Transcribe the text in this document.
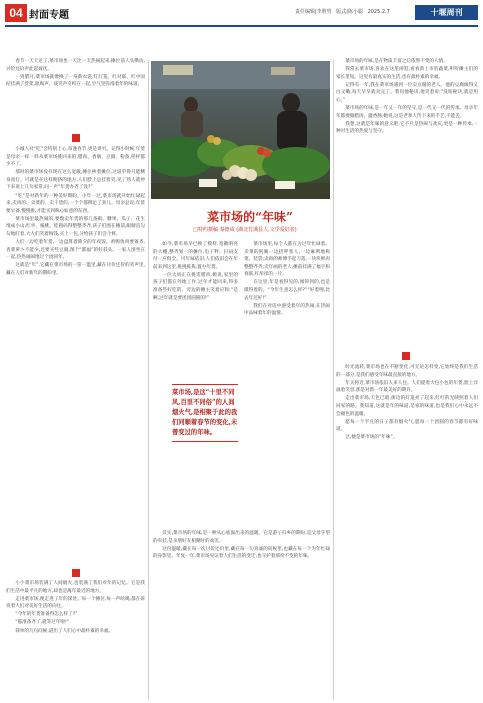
04 封面专题	责任编辑|李胜男 版式|陈小聪 2025.2.7	十堰周刊

春节一天天近了,菜市场也一天比一天热闹起来,摊位前人头攒动,讨价还价声此起彼伏。

一到腊月,菜市场就像换了一身新衣裳,红灯笼、红对联、红中国结挂满了货架,吆喝声、谈笑声交织在一起,空气里弥漫着年的味道。

小城人对“吃”会特别上心,每逢春节,更是讲究。记得小时候,年货是母亲一样一样从菜市场挑回来的,腊肉、香肠、豆腐、粉条,样样都少不了。

那时的菜市场没有现在这么宽敞,摊位挨着摊位,过道窄得只能侧身而行。可就是在这样拥挤的地方,人们脸上总挂着笑,见了熟人就停下来说上几句家常,问一声“年货办齐了没?”

“吃”是对新年的一种美好期盼。小年一过,菜市场就开始忙碌起来,卖肉的、卖菜的、卖干货的,一个个都铆足了劲儿。母亲总说,年货要早备,慢慢挑,才能买到称心如意的东西。

菜市场里最热闹的,要数卖年货的那几条街。糖果、瓜子、花生堆成小山,红枣、核桃、桂圆码得整整齐齐,孩子们围在摊前,眼睛直勾勾地盯着,大人们笑着掏钱,买上一包,分给孩子们尝个鲜。

人们一边吃着年货,一边盘算着除夕的年夜饭。鸡鸭鱼肉要备齐,青菜萝卜不能少,还要买些豆腐,图个“都福”的好彩头。一家人围坐在一起,热热闹闹地过个团圆年。

这就是“年”,它藏在菜市场的一筐一篮里,藏在讨价还价的笑声里,藏在人们对新年的期盼里。

小小菜市场装满了人间烟火,也装满了我们对年的记忆。它是我们生活中最平凡的地方,却也是离年最近的地方。

走进菜市场,便走进了年的深处。每一个摊位,每一声吆喝,都在诉说着人们对美好生活的向往。

“今年的年货准备得怎么样了?”

“都准备齐了,就等过年啦!”

简单的几句问候,道出了人们心中最朴素的幸福。

菜市场的“年味”
□特约撰稿 秦德成 (湖北竹溪县人,文学爱好者)

如今,菜市场早已换了模样,宽敞明亮的大棚,整齐划一的摊位,电子秤、扫码支付一应俱全。可年味依旧,人们依旧会在年前来到这里,挑挑拣拣,置办年货。

一位大妈正在挑选腊肉,她说,家里的孩子们都在外地工作,过年才能回来,得多准备些好吃的。旁边的摊主笑着应和:“是啊,过年就是要团团圆圆的!”

菜市场,是这“十里不同风,百里不同俗”的人间烟火气,是相聚于此的我们同顺着春节的变化,未曾变过的年味。

菜市场里,每个人都在为过年忙碌着。卖菜的阿姨一边招呼客人,一边麻利地称菜、装袋;卖肉的师傅手起刀落,一块块鲜肉整整齐齐;卖年画的老人,摊前挂满了福字和春联,红彤彤的一片。

在这里,年是看得见的,闻得到的,也是摸得着的。“今年生意怎么样?”“好着哩,比去年还好!”

我们在对话中感受着年的热闹,在热闹中品味着年的温情。

其实,菜市场的年味,是一种从心底溢出来的温暖。它是游子归乡的期盼,是父母守望的牵挂,是亲朋好友相聚时的欢笑。

这份温暖,藏在每一次讨价还价里,藏在每一句真诚的问候里,也藏在每一个为年忙碌的身影里。年复一年,菜市场见证着人们生活的变迁,也守护着那份不变的年味。

菜市场的年味,是在物质丰富之后依然不变的人情。

我常去菜市场,喜欢在这里闲逛,看看新上市的蔬菜,听听摊主们的家长里短。这里有最真实的生活,也有最朴素的幸福。

记得有一年,我在菜市场遇到一位卖豆腐的老人。他的豆腐做得又白又嫩,每天早早就卖完了。我问他秘诀,他笑着说:“没啥秘诀,就是用心。”

菜市场的年味,是一年又一年的坚守,是一代又一代的传承。母亲年年都要做腊肉、灌香肠,她说,这是老辈人传下来的手艺,不能丢。

我想,这就是年味的意义吧,它不只是热闹与欢庆,更是一种传承,一种对生活的热爱与坚守。

时光流转,菜市场也在不断变化,可无论怎样变,它始终是我们生活的一部分,是我们感受年味最直接的地方。

年关将近,菜市场依旧人来人往。人们提着大包小包的年货,脸上洋溢着笑容,那是对新一年最美好的期许。

走出菜市场,天色已暗,街边的灯笼亮了起来,红红的光映照着人们回家的路。我知道,这就是年的味道,是家的味道,也是我们心中永远不会褪色的温暖。

愿每一个平凡的日子都有烟火气,愿每一个团圆的春节都有好味道。

这,便是菜市场的“年味”。
